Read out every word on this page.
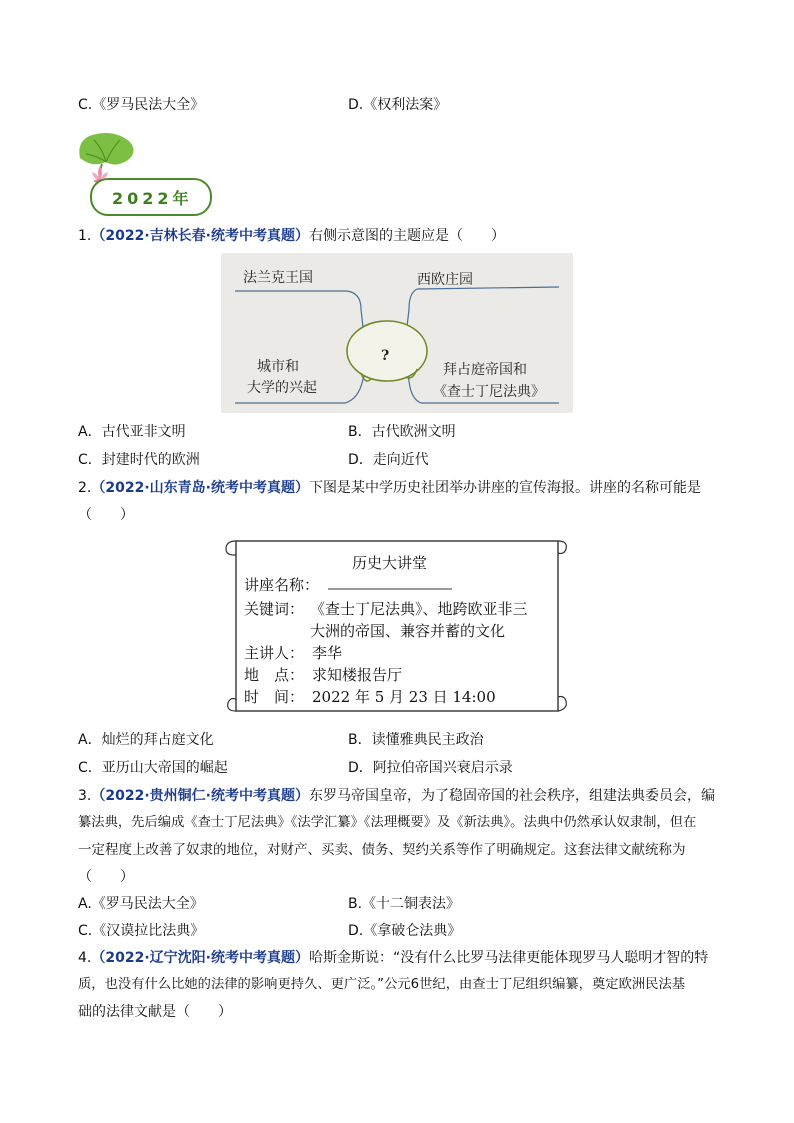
C.《罗马民法大全》	D.《权利法案》
2022年
1.（2022·吉林长春·统考中考真题）右侧示意图的主题应是（　　）
法兰克王国	西欧庄园
?
城市和
大学的兴起
拜占庭帝国和
《查士丁尼法典》
A．古代亚非文明	B．古代欧洲文明
C．封建时代的欧洲	D．走向近代
2.（2022·山东青岛·统考中考真题）下图是某中学历史社团举办讲座的宣传海报。讲座的名称可能是
（　　）
历史大讲堂
讲座名称：
关键词： 《查士丁尼法典》、地跨欧亚非三
大洲的帝国、兼容并蓄的文化
主讲人： 李华
地　点： 求知楼报告厅
时　间： 2022 年 5 月 23 日 14:00
A．灿烂的拜占庭文化	B．读懂雅典民主政治
C．亚历山大帝国的崛起	D．阿拉伯帝国兴衰启示录
3.（2022·贵州铜仁·统考中考真题）东罗马帝国皇帝，为了稳固帝国的社会秩序，组建法典委员会，编
纂法典，先后编成《查士丁尼法典》《法学汇纂》《法理概要》及《新法典》。法典中仍然承认奴隶制，但在
一定程度上改善了奴隶的地位，对财产、买卖、债务、契约关系等作了明确规定。这套法律文献统称为
（　　）
A.《罗马民法大全》	B.《十二铜表法》
C.《汉谟拉比法典》	D.《拿破仑法典》
4.（2022·辽宁沈阳·统考中考真题）哈斯金斯说：“没有什么比罗马法律更能体现罗马人聪明才智的特
质，也没有什么比她的法律的影响更持久、更广泛。”公元6世纪，由查士丁尼组织编纂，奠定欧洲民法基
础的法律文献是（　　）
